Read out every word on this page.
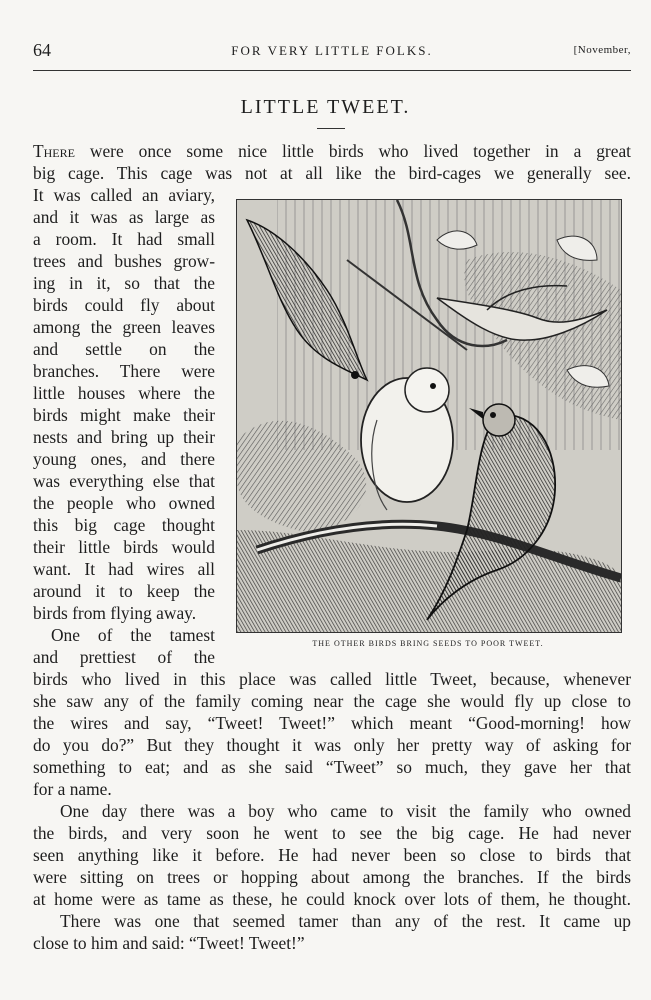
64	FOR VERY LITTLE FOLKS.	[November,
LITTLE TWEET.
There were once some nice little birds who lived together in a great
big cage. This cage was not at all like the bird-cages we generally see.
It was called an aviary,
and it was as large as
a room. It had small
trees and bushes grow-
ing in it, so that the
birds could fly about
among the green leaves
and settle on the
branches. There were
little houses where the
birds might make their
nests and bring up their
young ones, and there
was everything else that
the people who owned
this big cage thought
their little birds would
want. It had wires all
around it to keep the
birds from flying away.
One of the tamest
and prettiest of the
THE OTHER BIRDS BRING SEEDS TO POOR TWEET.
birds who lived in this place was called little Tweet, because, whenever
she saw any of the family coming near the cage she would fly up close to
the wires and say, “Tweet! Tweet!” which meant “Good-morning! how
do you do?” But they thought it was only her pretty way of asking for
something to eat; and as she said “Tweet” so much, they gave her that
for a name.
One day there was a boy who came to visit the family who owned
the birds, and very soon he went to see the big cage. He had never
seen anything like it before. He had never been so close to birds that
were sitting on trees or hopping about among the branches. If the birds
at home were as tame as these, he could knock over lots of them, he thought.
There was one that seemed tamer than any of the rest. It came up
close to him and said: “Tweet! Tweet!”
